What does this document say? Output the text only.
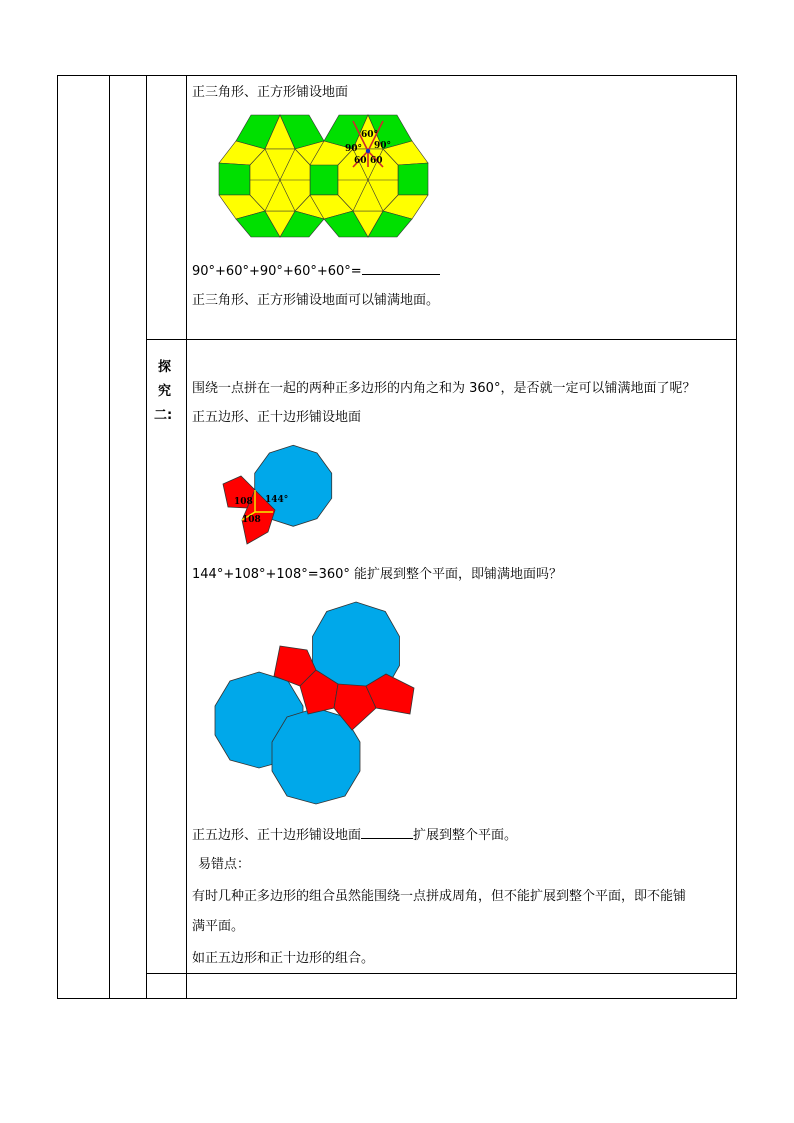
正三角形、正方形铺设地面
60°
90° 90°
60 60
90°+60°+90°+60°+60°=
正三角形、正方形铺设地面可以铺满地面。
探
究
二:
围绕一点拼在一起的两种正多边形的内角之和为 360°，是否就一定可以铺满地面了呢？
正五边形、正十边形铺设地面
108
108
144°
144°+108°+108°=360° 能扩展到整个平面，即铺满地面吗？
正五边形、正十边形铺设地面	扩展到整个平面。
易错点：
有时几种正多边形的组合虽然能围绕一点拼成周角，但不能扩展到整个平面，即不能铺
满平面。
如正五边形和正十边形的组合。
